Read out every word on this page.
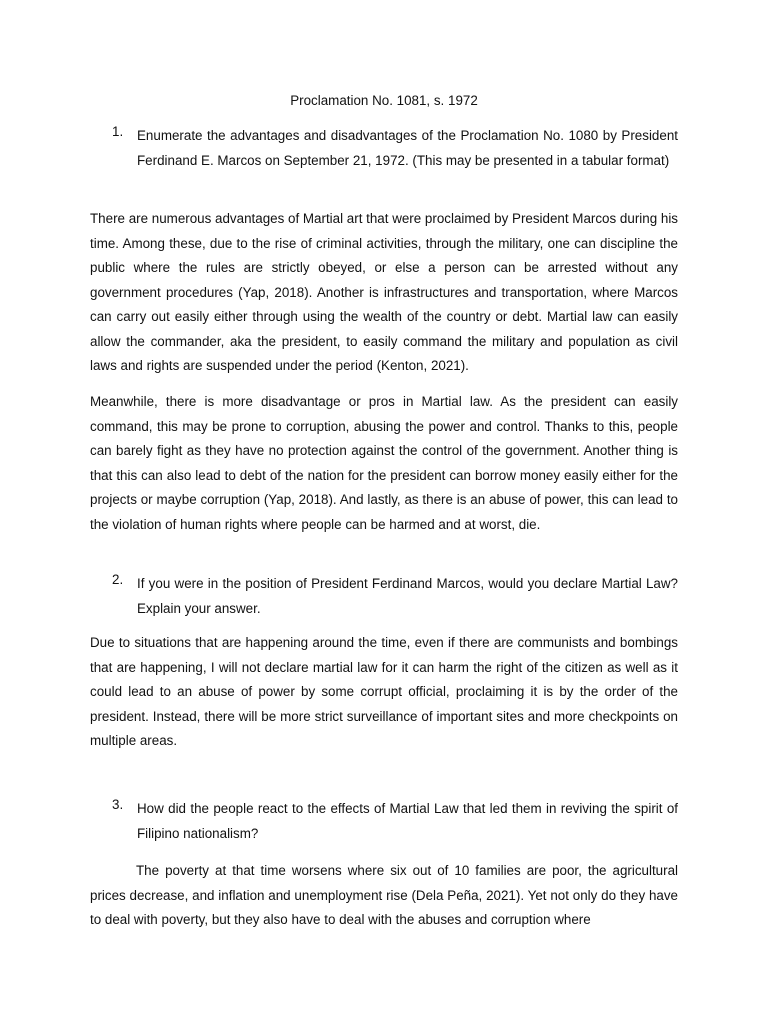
Proclamation No. 1081, s. 1972
1.	Enumerate the advantages and disadvantages of the Proclamation No. 1080 by President Ferdinand E. Marcos on September 21, 1972. (This may be presented in a tabular format)

There are numerous advantages of Martial art that were proclaimed by President Marcos during his time. Among these, due to the rise of criminal activities, through the military, one can discipline the public where the rules are strictly obeyed, or else a person can be arrested without any government procedures (Yap, 2018). Another is infrastructures and transportation, where Marcos can carry out easily either through using the wealth of the country or debt. Martial law can easily allow the commander, aka the president, to easily command the military and population as civil laws and rights are suspended under the period (Kenton, 2021).

Meanwhile, there is more disadvantage or pros in Martial law. As the president can easily command, this may be prone to corruption, abusing the power and control. Thanks to this, people can barely fight as they have no protection against the control of the government. Another thing is that this can also lead to debt of the nation for the president can borrow money easily either for the projects or maybe corruption (Yap, 2018). And lastly, as there is an abuse of power, this can lead to the violation of human rights where people can be harmed and at worst, die.

2.	If you were in the position of President Ferdinand Marcos, would you declare Martial Law? Explain your answer.

Due to situations that are happening around the time, even if there are communists and bombings that are happening, I will not declare martial law for it can harm the right of the citizen as well as it could lead to an abuse of power by some corrupt official, proclaiming it is by the order of the president. Instead, there will be more strict surveillance of important sites and more checkpoints on multiple areas.

3.	How did the people react to the effects of Martial Law that led them in reviving the spirit of Filipino nationalism?

The poverty at that time worsens where six out of 10 families are poor, the agricultural prices decrease, and inflation and unemployment rise (Dela Peña, 2021). Yet not only do they have to deal with poverty, but they also have to deal with the abuses and corruption where
